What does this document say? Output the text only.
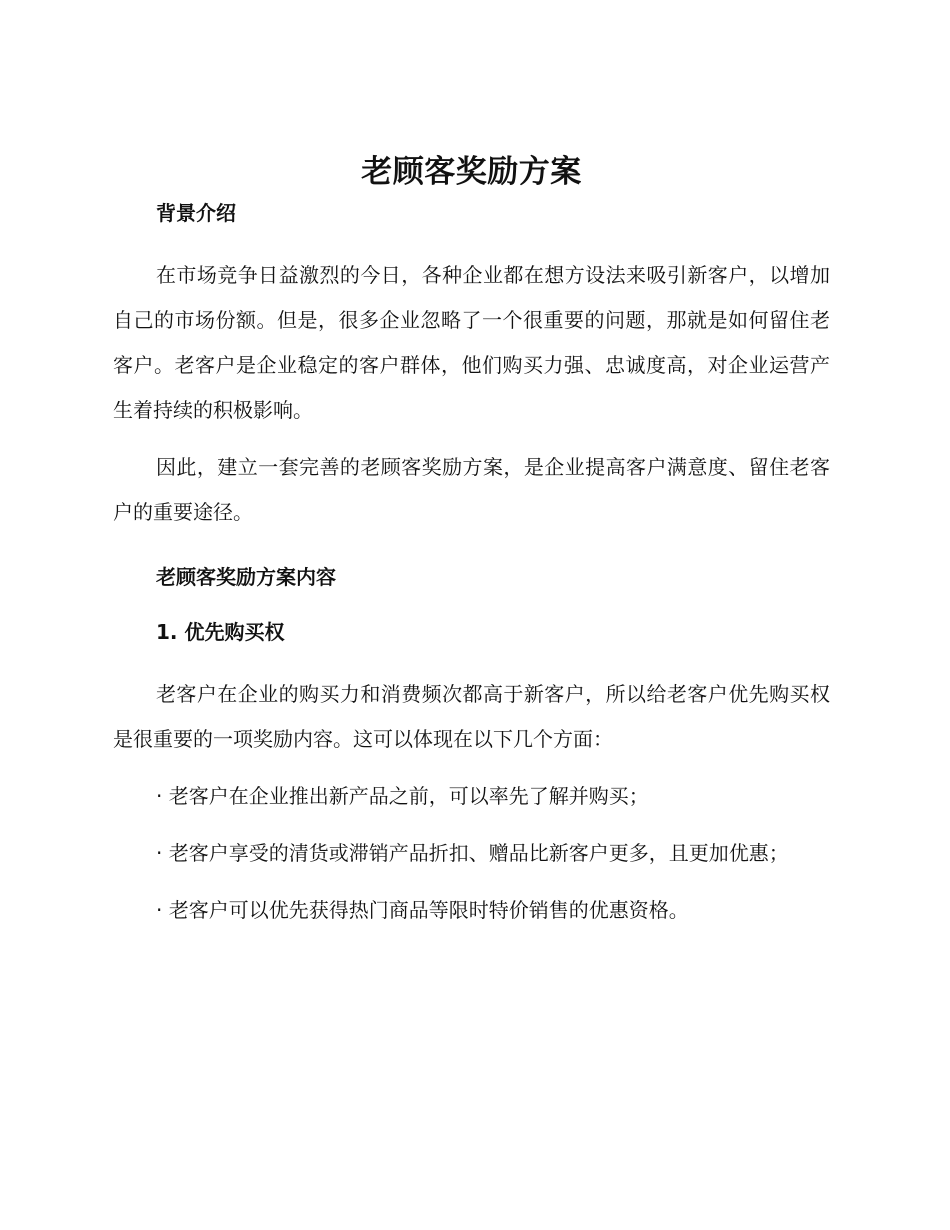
老顾客奖励方案
背景介绍

在市场竞争日益激烈的今日，各种企业都在想方设法来吸引新客户，以增加自己的市场份额。但是，很多企业忽略了一个很重要的问题，那就是如何留住老客户。老客户是企业稳定的客户群体，他们购买力强、忠诚度高，对企业运营产生着持续的积极影响。

因此，建立一套完善的老顾客奖励方案，是企业提高客户满意度、留住老客户的重要途径。

老顾客奖励方案内容
1. 优先购买权

老客户在企业的购买力和消费频次都高于新客户，所以给老客户优先购买权是很重要的一项奖励内容。这可以体现在以下几个方面：

· 老客户在企业推出新产品之前，可以率先了解并购买；

· 老客户享受的清货或滞销产品折扣、赠品比新客户更多，且更加优惠；

· 老客户可以优先获得热门商品等限时特价销售的优惠资格。
